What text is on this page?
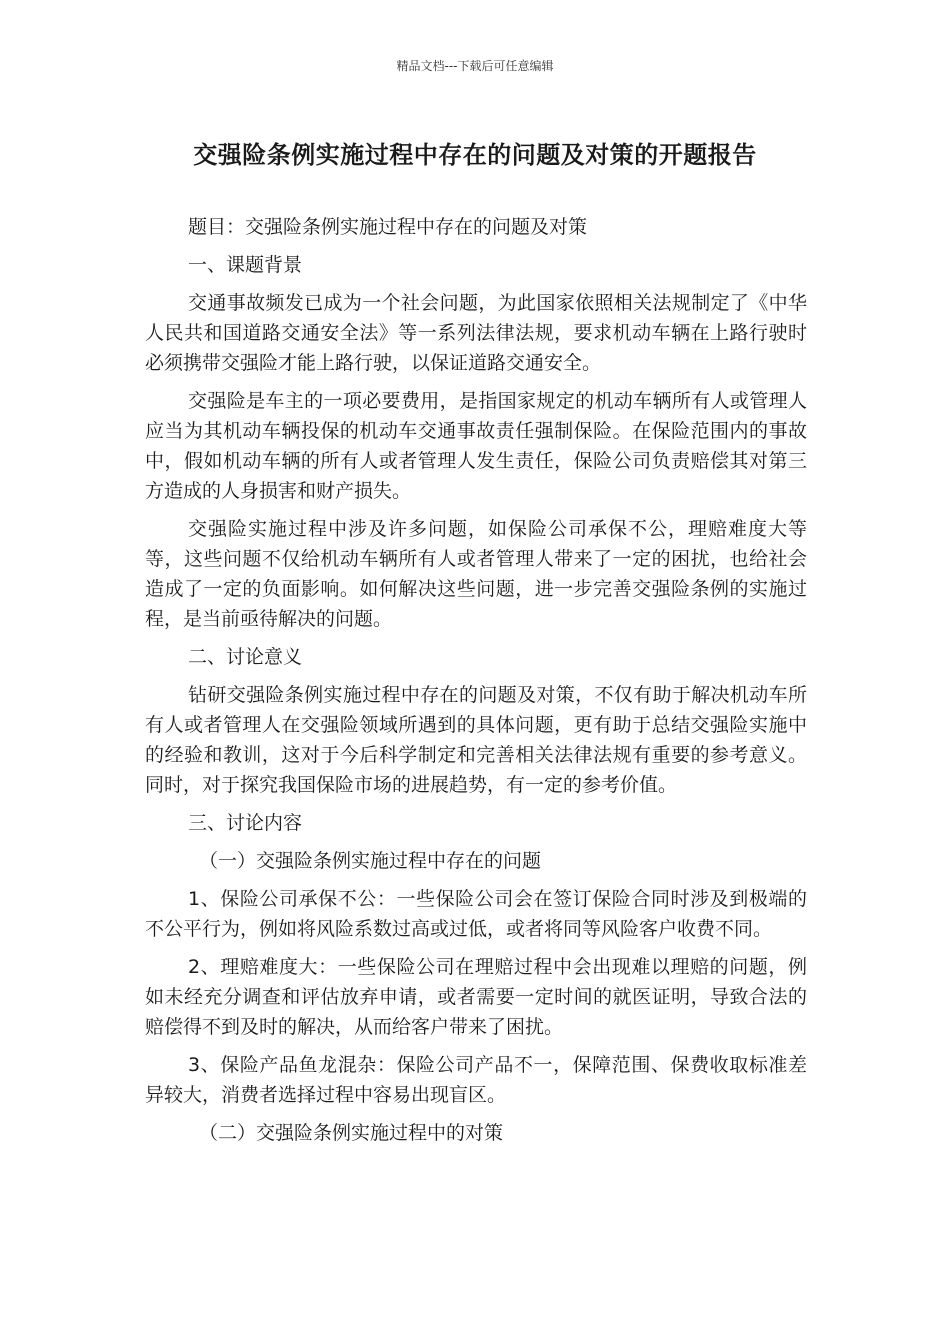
精品文档---下载后可任意编辑
交强险条例实施过程中存在的问题及对策的开题报告

题目：交强险条例实施过程中存在的问题及对策

一、课题背景

交通事故频发已成为一个社会问题，为此国家依照相关法规制定了《中华人民共和国道路交通安全法》等一系列法律法规，要求机动车辆在上路行驶时必须携带交强险才能上路行驶，以保证道路交通安全。

交强险是车主的一项必要费用，是指国家规定的机动车辆所有人或管理人应当为其机动车辆投保的机动车交通事故责任强制保险。在保险范围内的事故中，假如机动车辆的所有人或者管理人发生责任，保险公司负责赔偿其对第三方造成的人身损害和财产损失。

交强险实施过程中涉及许多问题，如保险公司承保不公，理赔难度大等等，这些问题不仅给机动车辆所有人或者管理人带来了一定的困扰，也给社会造成了一定的负面影响。如何解决这些问题，进一步完善交强险条例的实施过程，是当前亟待解决的问题。

二、讨论意义

钻研交强险条例实施过程中存在的问题及对策，不仅有助于解决机动车所有人或者管理人在交强险领域所遇到的具体问题，更有助于总结交强险实施中的经验和教训，这对于今后科学制定和完善相关法律法规有重要的参考意义。同时，对于探究我国保险市场的进展趋势，有一定的参考价值。

三、讨论内容

（一）交强险条例实施过程中存在的问题

1、保险公司承保不公：一些保险公司会在签订保险合同时涉及到极端的不公平行为，例如将风险系数过高或过低，或者将同等风险客户收费不同。

2、理赔难度大：一些保险公司在理赔过程中会出现难以理赔的问题，例如未经充分调查和评估放弃申请，或者需要一定时间的就医证明，导致合法的赔偿得不到及时的解决，从而给客户带来了困扰。

3、保险产品鱼龙混杂：保险公司产品不一，保障范围、保费收取标准差异较大，消费者选择过程中容易出现盲区。

（二）交强险条例实施过程中的对策
